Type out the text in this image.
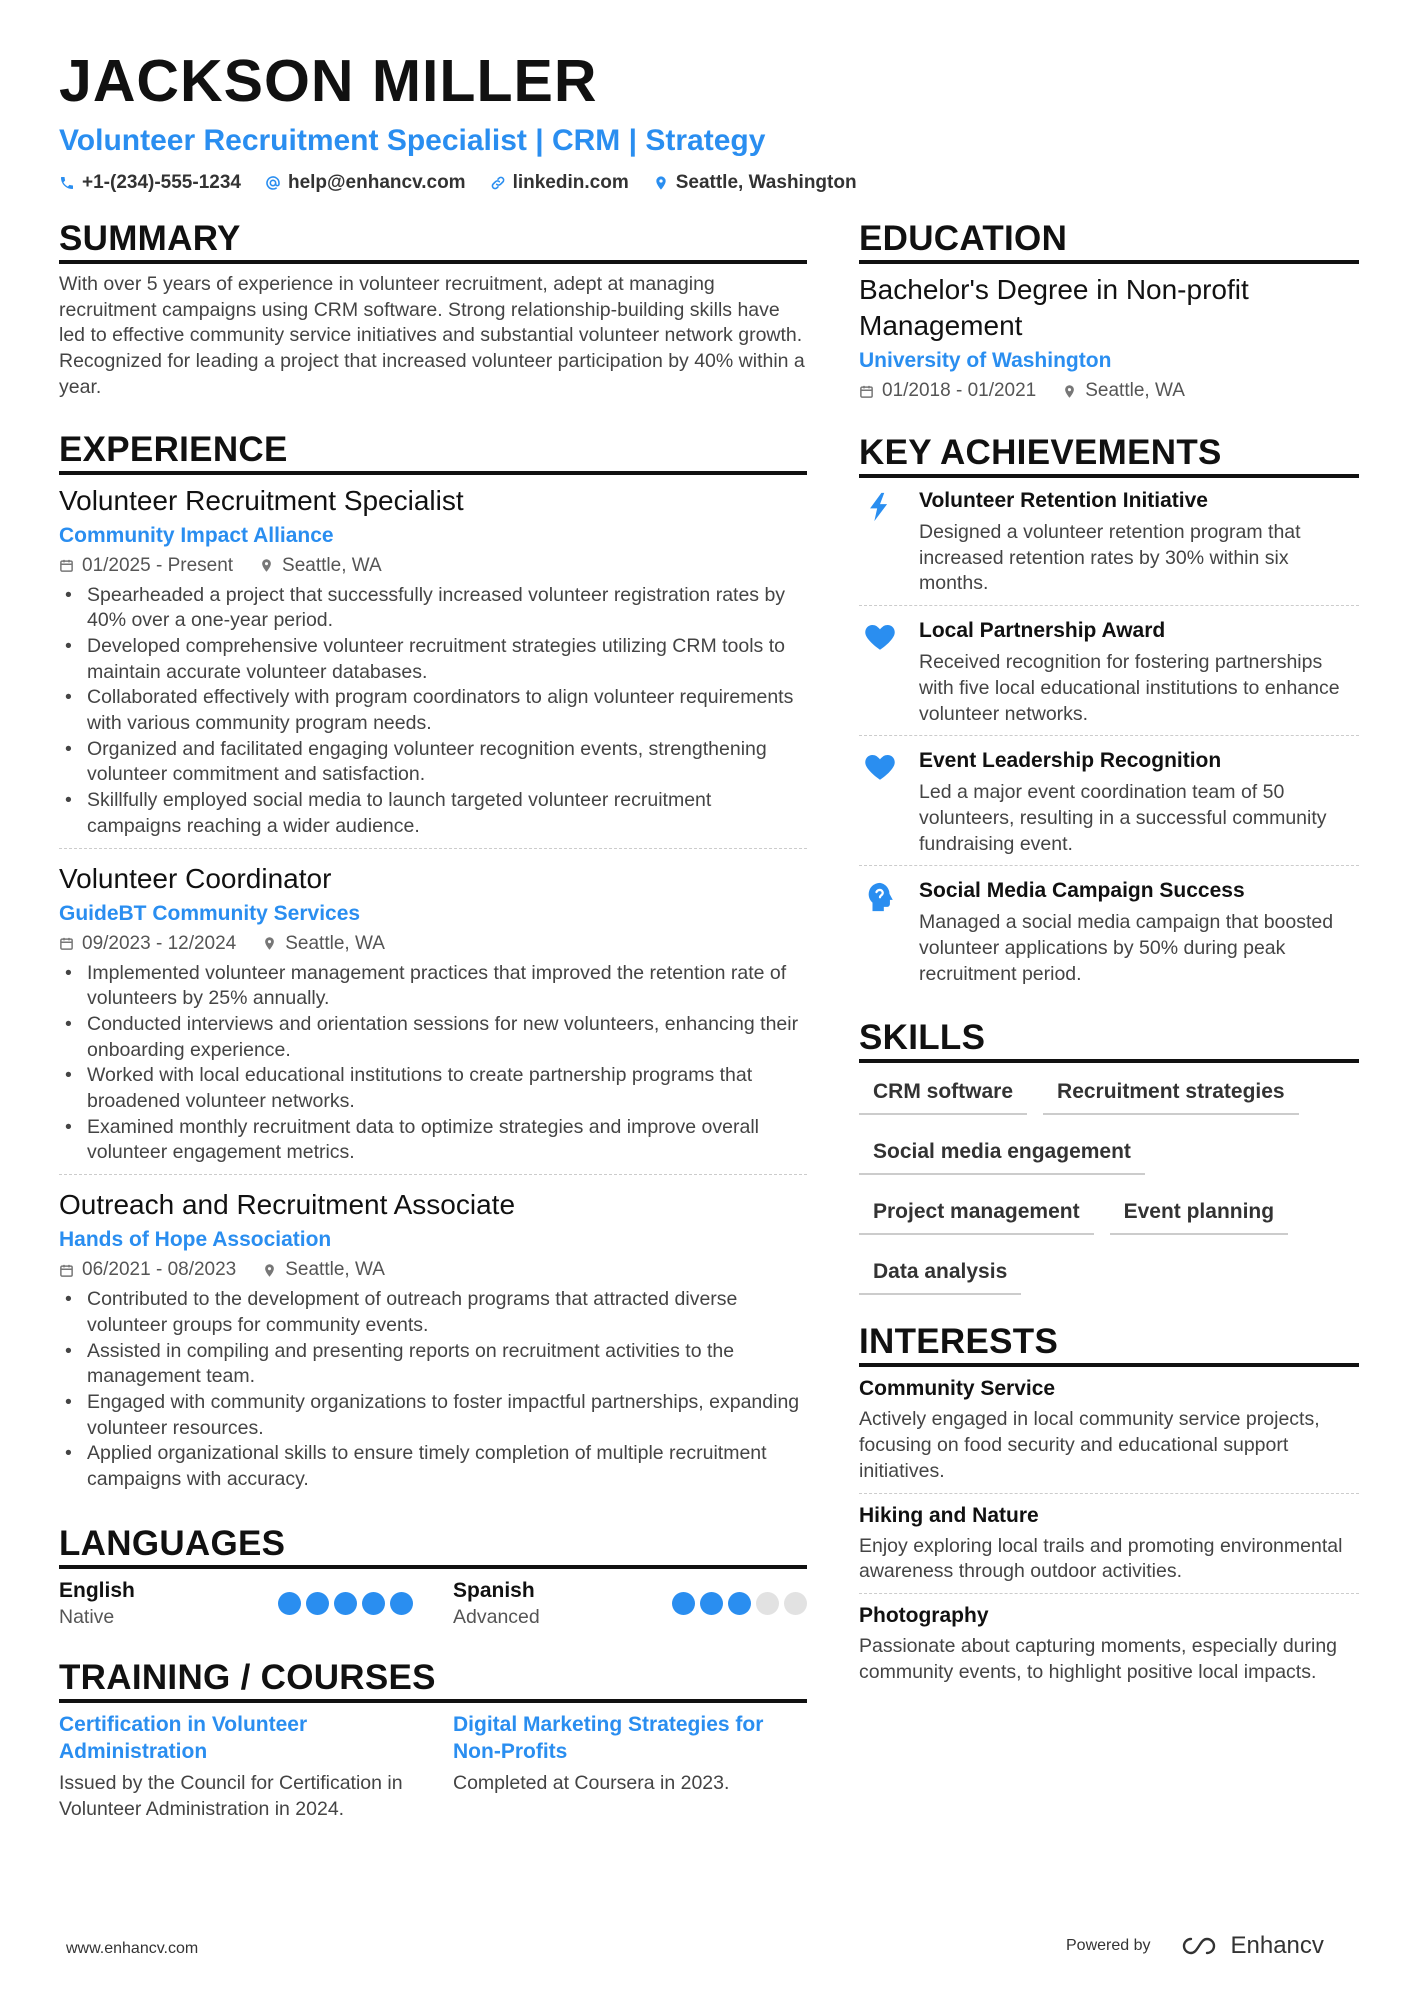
JACKSON MILLER
Volunteer Recruitment Specialist | CRM | Strategy
+1-(234)-555-1234 help@enhancv.com linkedin.com Seattle, Washington
SUMMARY
With over 5 years of experience in volunteer recruitment, adept at managing recruitment campaigns using CRM software. Strong relationship-building skills have led to effective community service initiatives and substantial volunteer network growth. Recognized for leading a project that increased volunteer participation by 40% within a year.
EXPERIENCE
Volunteer Recruitment Specialist
Community Impact Alliance
01/2025 - Present	Seattle, WA
• Spearheaded a project that successfully increased volunteer registration rates by 40% over a one-year period.
• Developed comprehensive volunteer recruitment strategies utilizing CRM tools to maintain accurate volunteer databases.
• Collaborated effectively with program coordinators to align volunteer requirements with various community program needs.
• Organized and facilitated engaging volunteer recognition events, strengthening volunteer commitment and satisfaction.
• Skillfully employed social media to launch targeted volunteer recruitment campaigns reaching a wider audience.
Volunteer Coordinator
GuideBT Community Services
09/2023 - 12/2024	Seattle, WA
• Implemented volunteer management practices that improved the retention rate of volunteers by 25% annually.
• Conducted interviews and orientation sessions for new volunteers, enhancing their onboarding experience.
• Worked with local educational institutions to create partnership programs that broadened volunteer networks.
• Examined monthly recruitment data to optimize strategies and improve overall volunteer engagement metrics.
Outreach and Recruitment Associate
Hands of Hope Association
06/2021 - 08/2023	Seattle, WA
• Contributed to the development of outreach programs that attracted diverse volunteer groups for community events.
• Assisted in compiling and presenting reports on recruitment activities to the management team.
• Engaged with community organizations to foster impactful partnerships, expanding volunteer resources.
• Applied organizational skills to ensure timely completion of multiple recruitment campaigns with accuracy.
LANGUAGES
English
Native
Spanish
Advanced
TRAINING / COURSES
Certification in Volunteer Administration
Issued by the Council for Certification in Volunteer Administration in 2024.
Digital Marketing Strategies for Non-Profits
Completed at Coursera in 2023.
EDUCATION
Bachelor's Degree in Non-profit Management
University of Washington
01/2018 - 01/2021	Seattle, WA
KEY ACHIEVEMENTS
Volunteer Retention Initiative
Designed a volunteer retention program that increased retention rates by 30% within six months.
Local Partnership Award
Received recognition for fostering partnerships with five local educational institutions to enhance volunteer networks.
Event Leadership Recognition
Led a major event coordination team of 50 volunteers, resulting in a successful community fundraising event.
Social Media Campaign Success
Managed a social media campaign that boosted volunteer applications by 50% during peak recruitment period.
SKILLS
CRM software	Recruitment strategies
Social media engagement
Project management	Event planning
Data analysis
INTERESTS
Community Service
Actively engaged in local community service projects, focusing on food security and educational support initiatives.
Hiking and Nature
Enjoy exploring local trails and promoting environmental awareness through outdoor activities.
Photography
Passionate about capturing moments, especially during community events, to highlight positive local impacts.
www.enhancv.com	Powered by	Enhancv
